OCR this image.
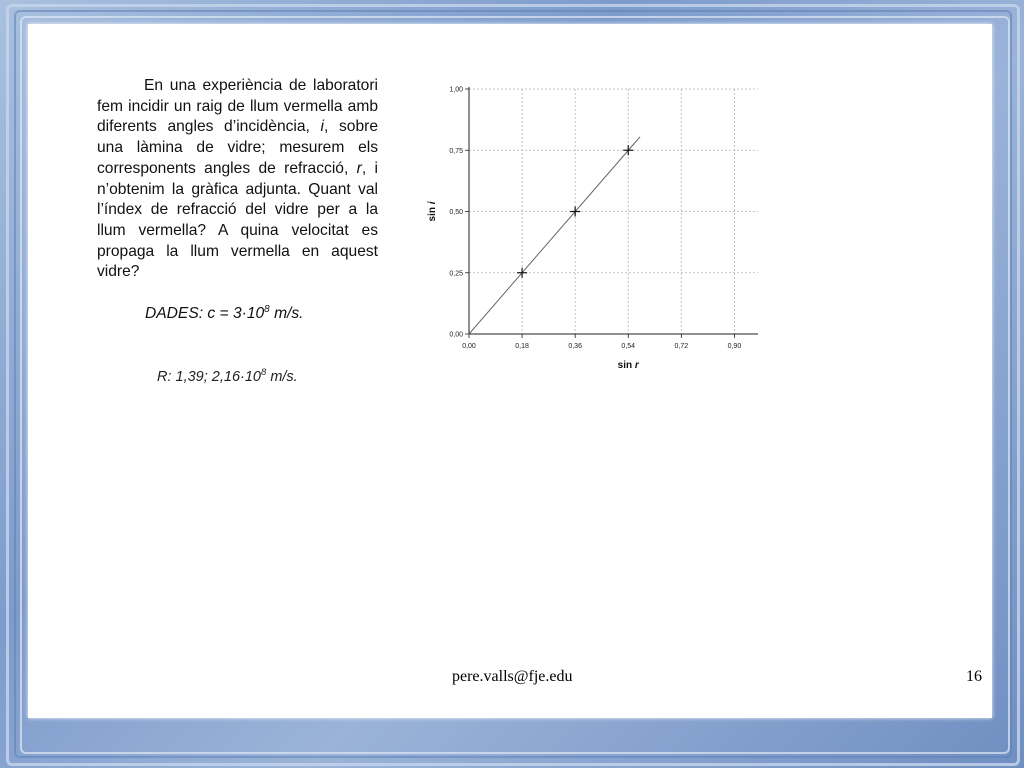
En una experiència de laboratori fem incidir un raig de llum vermella amb diferents angles d’incidència, i, sobre una làmina de vidre; mesurem els corresponents angles de refracció, r, i n’obtenim la gràfica adjunta. Quant val l’índex de refracció del vidre per a la llum vermella? A quina velocitat es propaga la llum vermella en aquest vidre?
DADES: $c = 3\cdot 10^8$ m/s.
R: 1,39; $2,16\cdot 10^8$ m/s.
0,00	0,18	0,36	0,54	0,72	0,90
0,00
0,25
0,50
0,75
1,00
sin r
sin i
pere.valls@fje.edu	16
